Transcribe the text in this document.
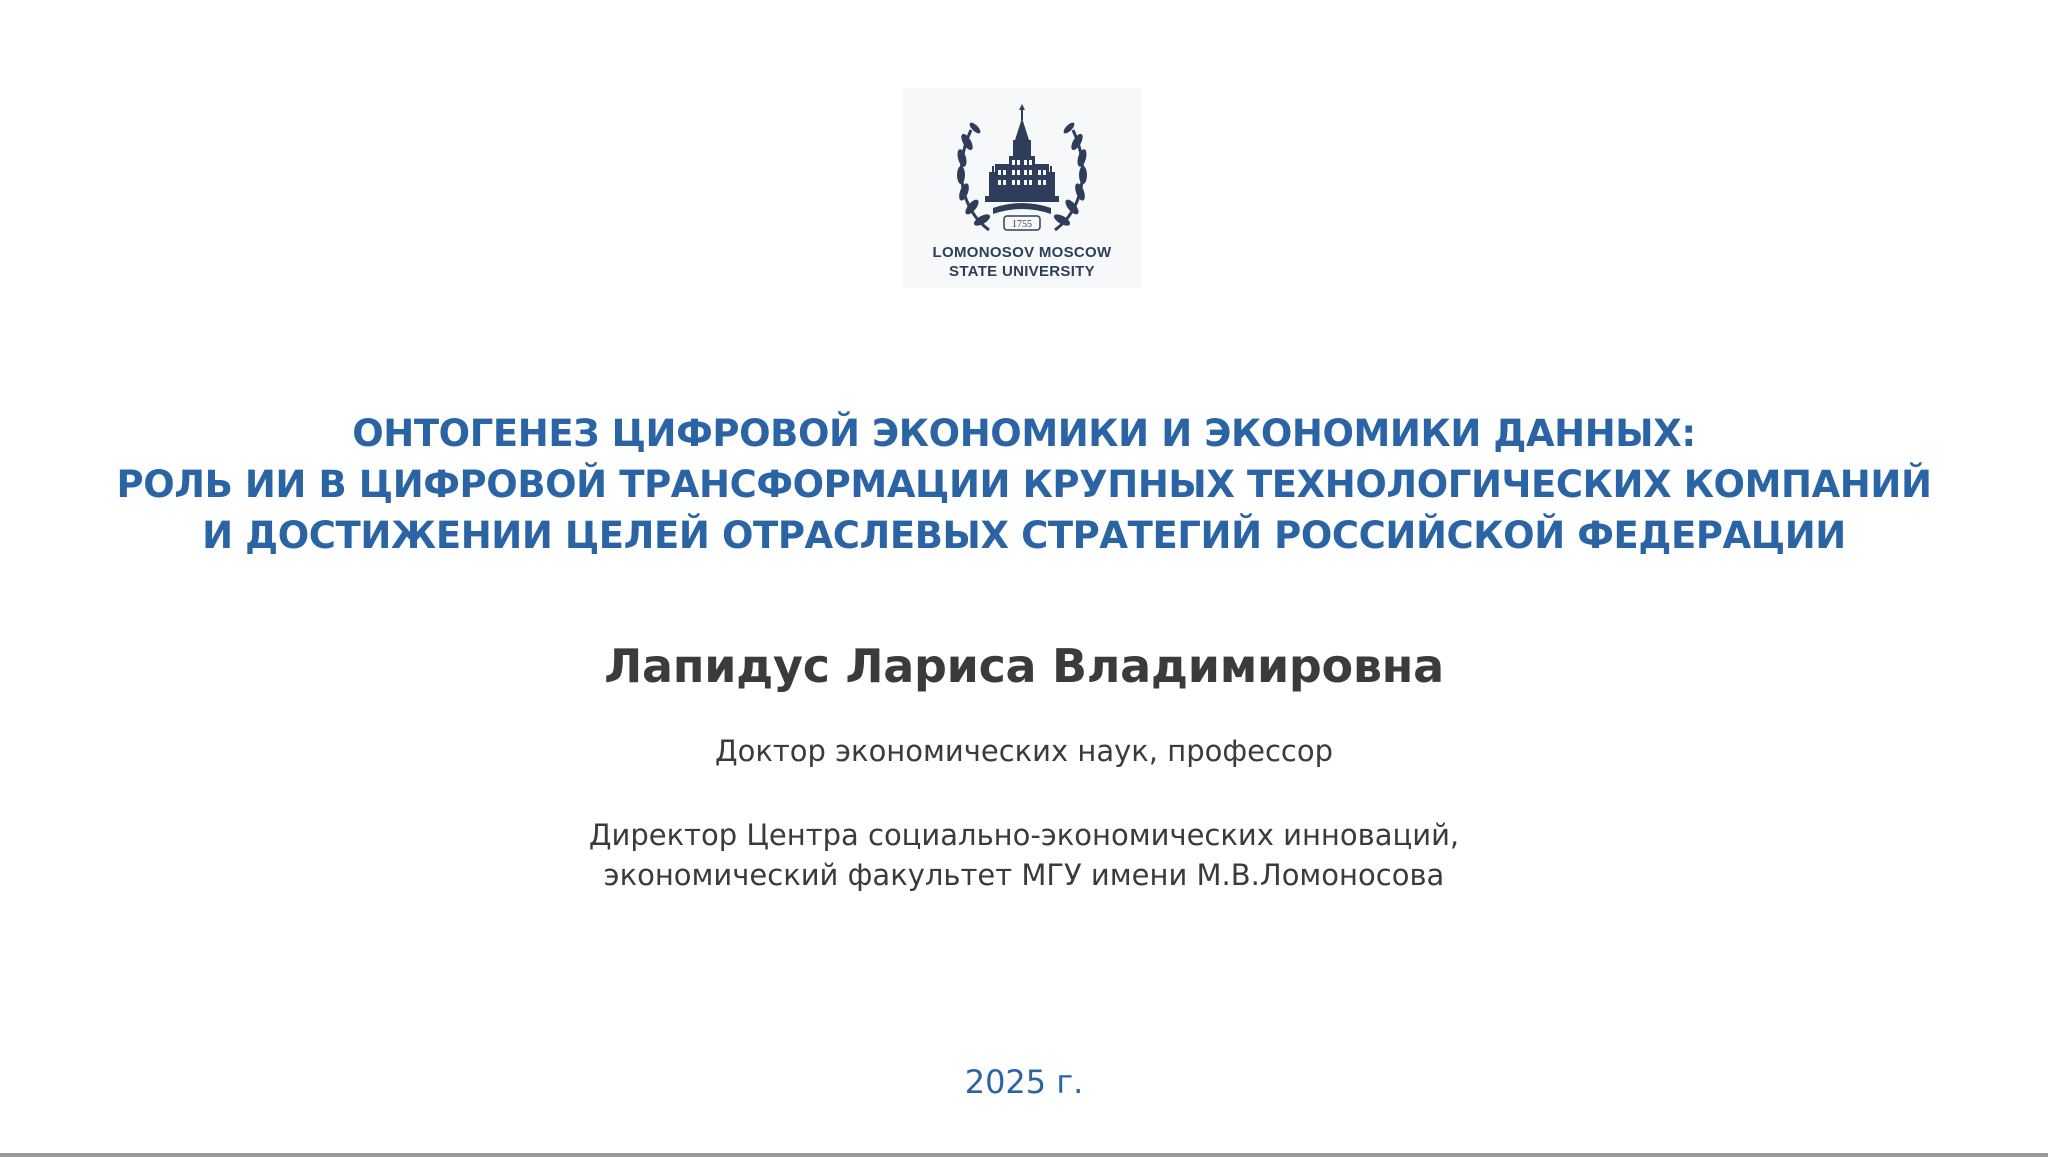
1755
LOMONOSOV MOSCOW
STATE UNIVERSITY
ОНТОГЕНЕЗ ЦИФРОВОЙ ЭКОНОМИКИ И ЭКОНОМИКИ ДАННЫХ:
РОЛЬ ИИ В ЦИФРОВОЙ ТРАНСФОРМАЦИИ КРУПНЫХ ТЕХНОЛОГИЧЕСКИХ КОМПАНИЙ
И ДОСТИЖЕНИИ ЦЕЛЕЙ ОТРАСЛЕВЫХ СТРАТЕГИЙ РОССИЙСКОЙ ФЕДЕРАЦИИ
Лапидус Лариса Владимировна
Доктор экономических наук, профессор
Директор Центра социально-экономических инноваций,
экономический факультет МГУ имени М.В.Ломоносова
2025 г.
